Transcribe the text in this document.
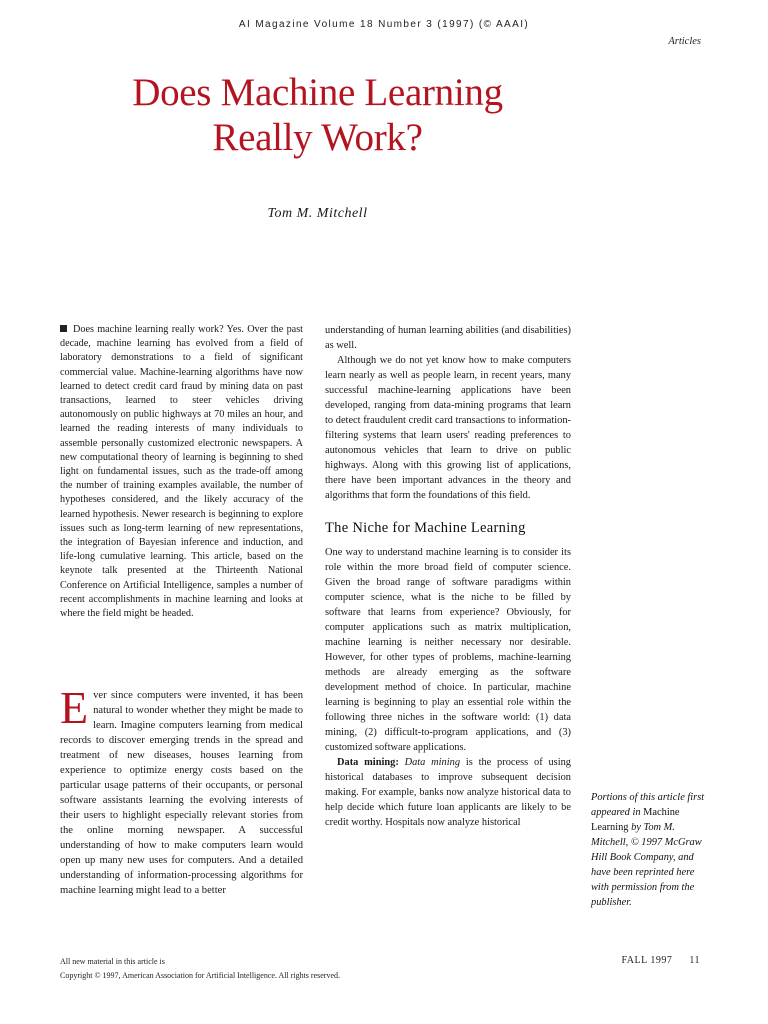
AI Magazine Volume 18 Number 3 (1997) (© AAAI)
Articles
Does Machine Learning
Really Work?
Tom M. Mitchell

Does machine learning really work? Yes. Over the past decade, machine learning has evolved from a field of laboratory demonstrations to a field of significant commercial value. Machine-learning algorithms have now learned to detect credit card fraud by mining data on past transactions, learned to steer vehicles driving autonomously on public highways at 70 miles an hour, and learned the reading interests of many individuals to assemble personally customized electronic newspapers. A new computational theory of learning is beginning to shed light on fundamental issues, such as the trade-off among the number of training examples available, the number of hypotheses considered, and the likely accuracy of the learned hypothesis. Newer research is beginning to explore issues such as long-term learning of new representations, the integration of Bayesian inference and induction, and life-long cumulative learning. This article, based on the keynote talk presented at the Thirteenth National Conference on Artificial Intelligence, samples a number of recent accomplishments in machine learning and looks at where the field might be headed.

Ever since computers were invented, it has been natural to wonder whether they might be made to learn. Imagine computers learning from medical records to discover emerging trends in the spread and treatment of new diseases, houses learning from experience to optimize energy costs based on the particular usage patterns of their occupants, or personal software assistants learning the evolving interests of their users to highlight especially relevant stories from the online morning newspaper. A successful understanding of how to make computers learn would open up many new uses for computers. And a detailed understanding of information-processing algorithms for machine learning might lead to a better

understanding of human learning abilities (and disabilities) as well.

Although we do not yet know how to make computers learn nearly as well as people learn, in recent years, many successful machine-learning applications have been developed, ranging from data-mining programs that learn to detect fraudulent credit card transactions to information-filtering systems that learn users' reading preferences to autonomous vehicles that learn to drive on public highways. Along with this growing list of applications, there have been important advances in the theory and algorithms that form the foundations of this field.

The Niche for Machine Learning

One way to understand machine learning is to consider its role within the more broad field of computer science. Given the broad range of software paradigms within computer science, what is the niche to be filled by software that learns from experience? Obviously, for computer applications such as matrix multiplication, machine learning is neither necessary nor desirable. However, for other types of problems, machine-learning methods are already emerging as the software development method of choice. In particular, machine learning is beginning to play an essential role within the following three niches in the software world: (1) data mining, (2) difficult-to-program applications, and (3) customized software applications.

Data mining: Data mining is the process of using historical databases to improve subsequent decision making. For example, banks now analyze historical data to help decide which future loan applicants are likely to be credit worthy. Hospitals now analyze historical

Portions of this article first appeared in Machine Learning by Tom M. Mitchell, © 1997 McGraw Hill Book Company, and have been reprinted here with permission from the publisher.
All new material in this article is
Copyright © 1997, American Association for Artificial Intelligence. All rights reserved.
FALL 1997 11
